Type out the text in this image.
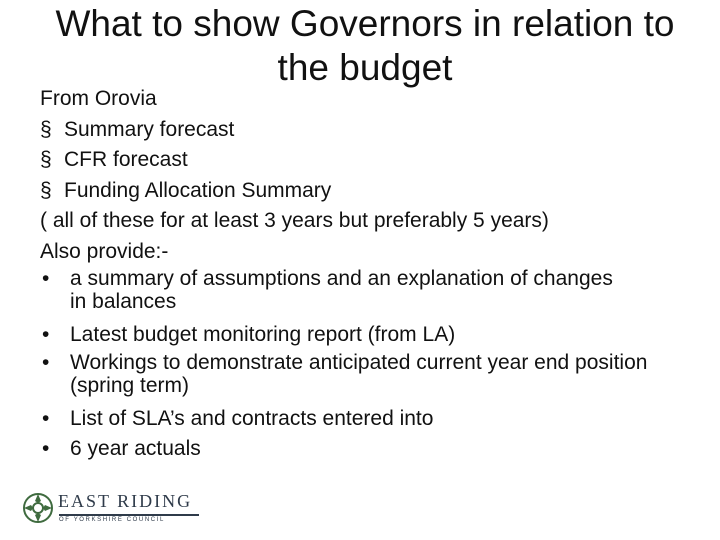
What to show Governors in relation to the budget
From Orovia
§ Summary forecast
§ CFR forecast
§ Funding Allocation Summary
( all of these for at least 3 years but preferably 5 years)
Also provide:-
• a summary of assumptions and an explanation of changes in balances
• Latest budget monitoring report (from LA)
• Workings to demonstrate anticipated current year end position (spring term)
• List of SLA’s and contracts entered into
• 6 year actuals
EAST RIDING
OF YORKSHIRE COUNCIL
